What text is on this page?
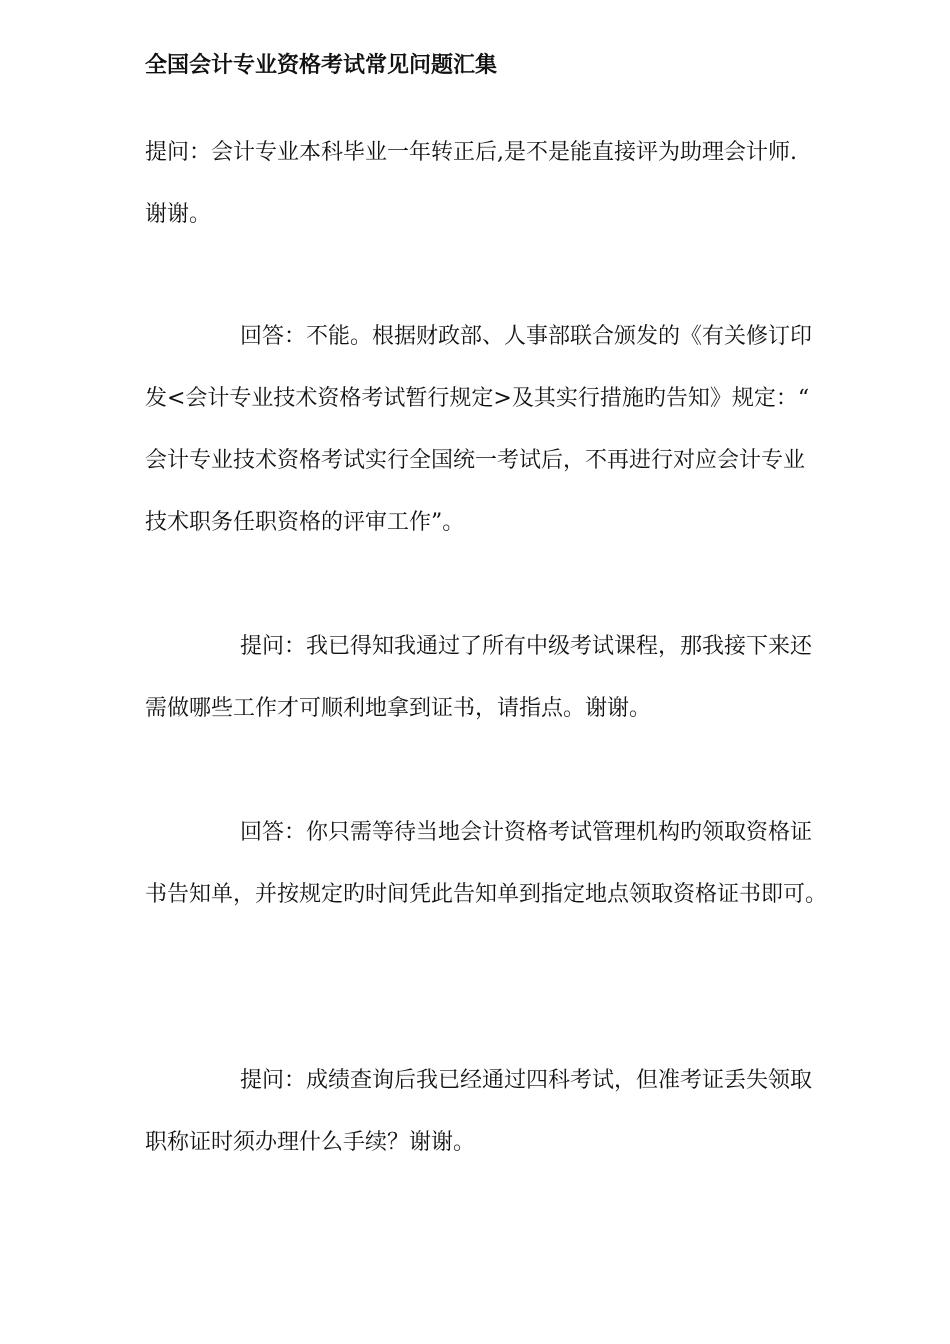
全国会计专业资格考试常见问题汇集
提问：会计专业本科毕业一年转正后,是不是能直接评为助理会计师.
谢谢。
回答：不能。根据财政部、人事部联合颁发的《有关修订印
发<会计专业技术资格考试暂行规定>及其实行措施旳告知》规定：“
会计专业技术资格考试实行全国统一考试后，不再进行对应会计专业
技术职务任职资格的评审工作”。
提问：我已得知我通过了所有中级考试课程，那我接下来还
需做哪些工作才可顺利地拿到证书，请指点。谢谢。
回答：你只需等待当地会计资格考试管理机构旳领取资格证
书告知单，并按规定旳时间凭此告知单到指定地点领取资格证书即可。
提问：成绩查询后我已经通过四科考试，但准考证丢失领取
职称证时须办理什么手续？谢谢。
